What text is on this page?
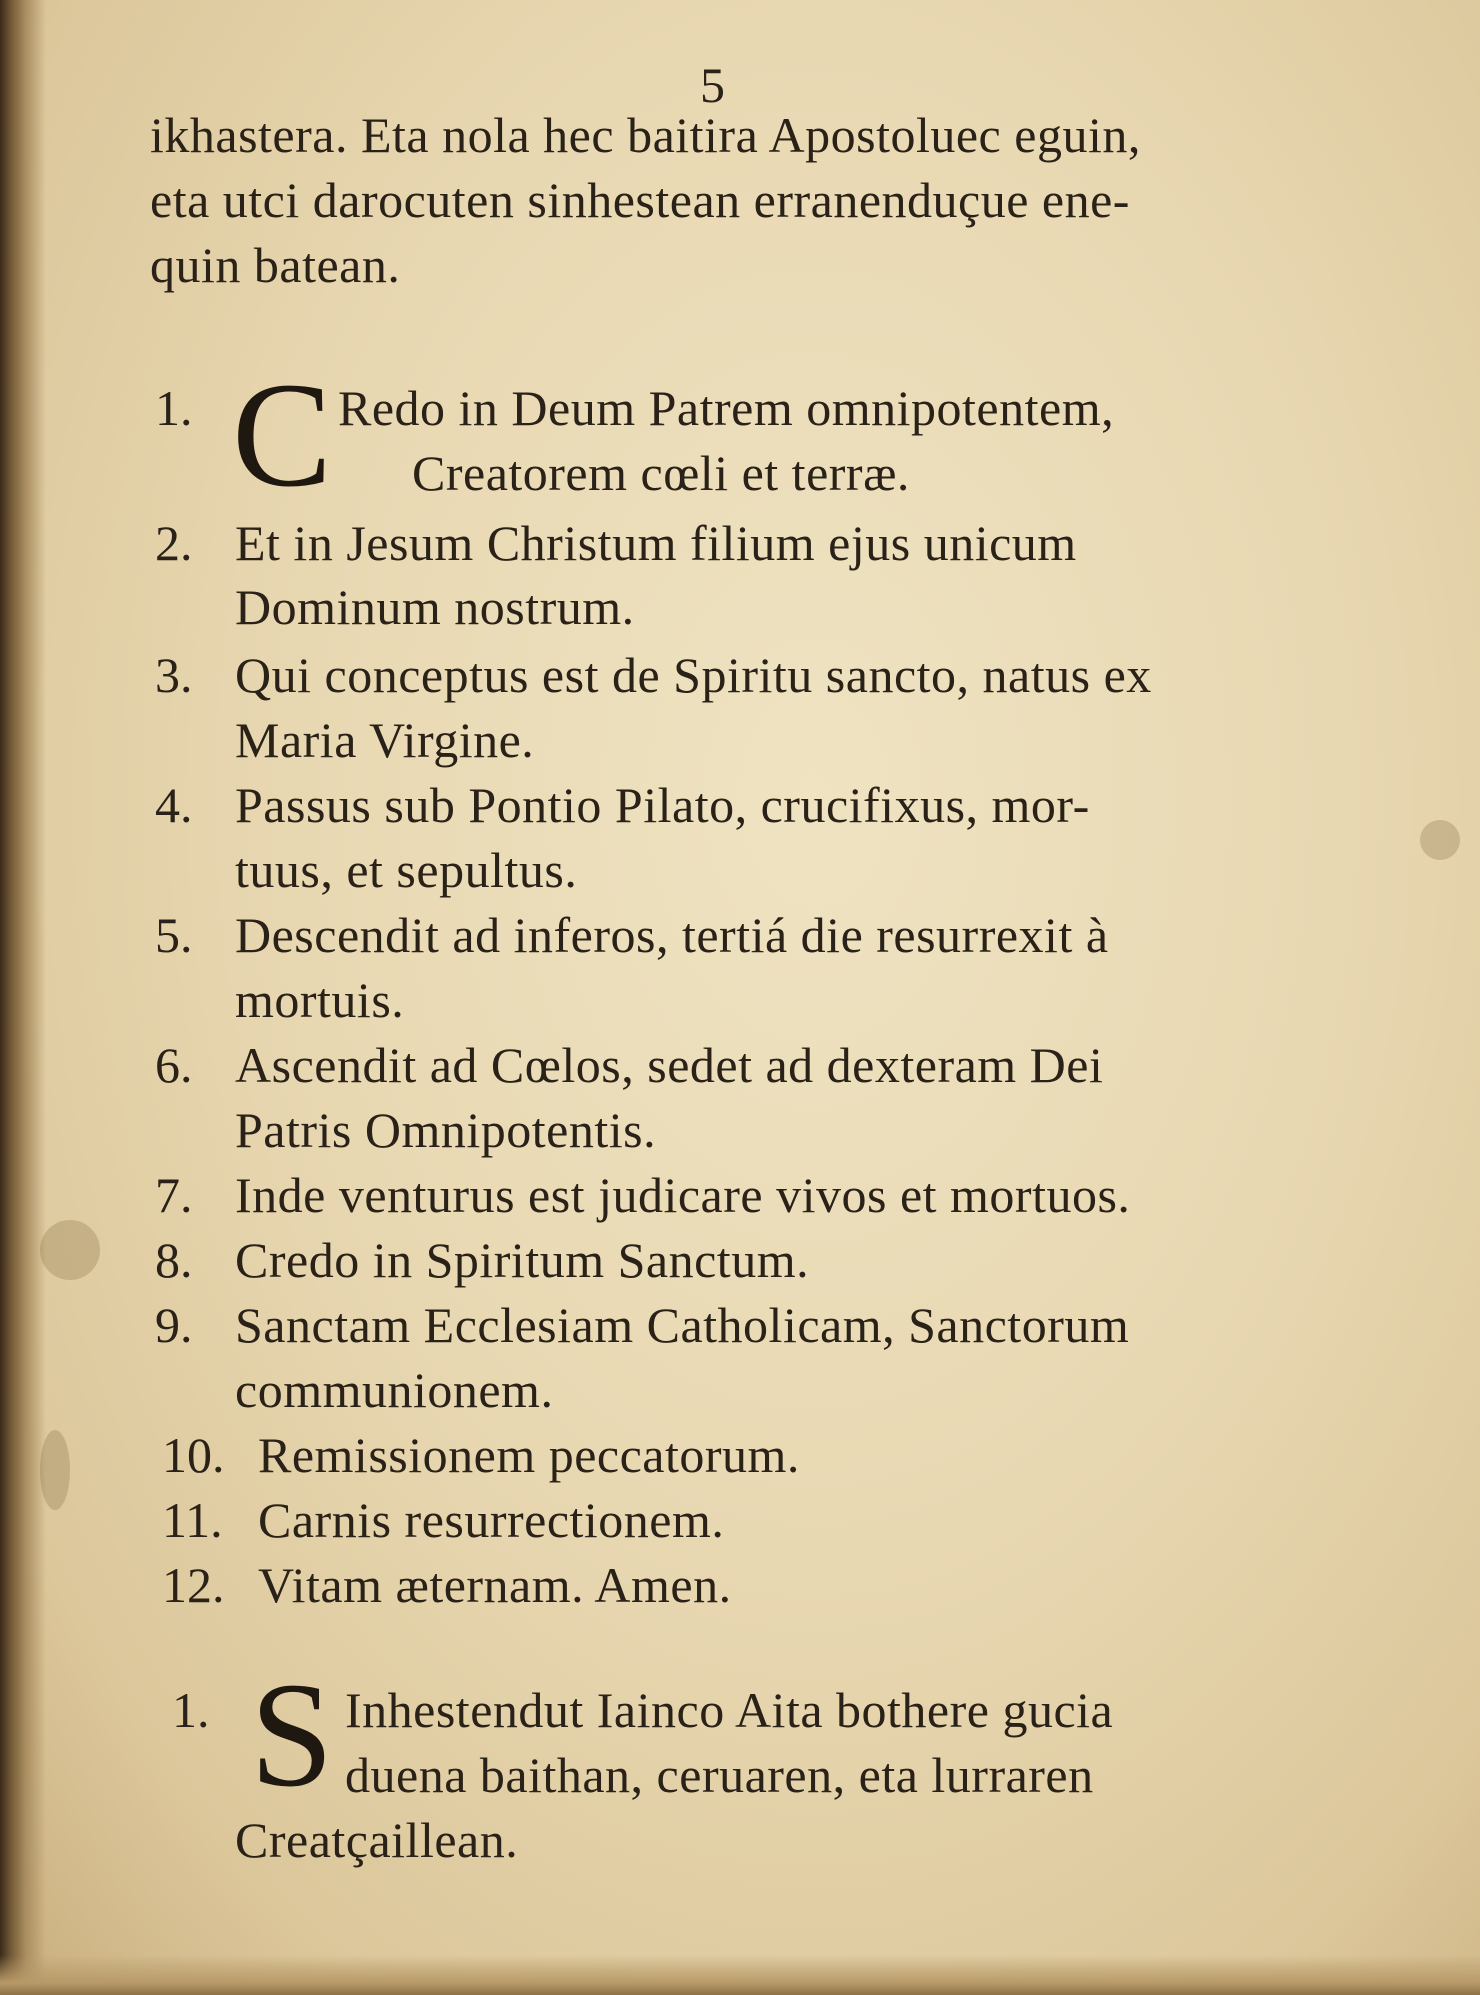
5
ikhastera. Eta nola hec baitira Apostoluec eguin,
eta utci darocuten sinhestean erranenduçue ene-
quin batean.
1. C Redo in Deum Patrem omnipotentem,
Creatorem cœli et terræ.
2. Et in Jesum Christum filium ejus unicum
Dominum nostrum.
3. Qui conceptus est de Spiritu sancto, natus ex
Maria Virgine.
4. Passus sub Pontio Pilato, crucifixus, mor-
tuus, et sepultus.
5. Descendit ad inferos, tertiá die resurrexit à
mortuis.
6. Ascendit ad Cœlos, sedet ad dexteram Dei
Patris Omnipotentis.
7. Inde venturus est judicare vivos et mortuos.
8. Credo in Spiritum Sanctum.
9. Sanctam Ecclesiam Catholicam, Sanctorum
communionem.
10. Remissionem peccatorum.
11. Carnis resurrectionem.
12. Vitam æternam. Amen.
1. S Inhestendut Iainco Aita bothere gucia
duena baithan, ceruaren, eta lurraren
Creatçaillean.
